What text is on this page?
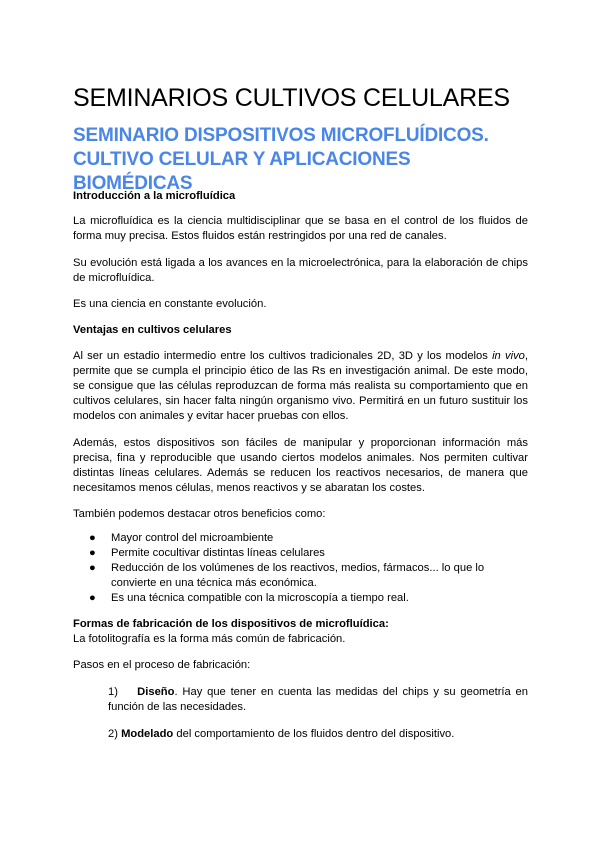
SEMINARIOS CULTIVOS CELULARES
SEMINARIO DISPOSITIVOS MICROFLUÍDICOS. CULTIVO CELULAR Y APLICACIONES BIOMÉDICAS

Introducción a la microfluídica

La microfluídica es la ciencia multidisciplinar que se basa en el control de los fluidos de forma muy precisa. Estos fluidos están restringidos por una red de canales.

Su evolución está ligada a los avances en la microelectrónica, para la elaboración de chips de microfluídica.

Es una ciencia en constante evolución.

Ventajas en cultivos celulares

Al ser un estadio intermedio entre los cultivos tradicionales 2D, 3D y los modelos in vivo, permite que se cumpla el principio ético de las Rs en investigación animal. De este modo, se consigue que las células reproduzcan de forma más realista su comportamiento que en cultivos celulares, sin hacer falta ningún organismo vivo. Permitirá en un futuro sustituir los modelos con animales y evitar hacer pruebas con ellos.

Además, estos dispositivos son fáciles de manipular y proporcionan información más precisa, fina y reproducible que usando ciertos modelos animales. Nos permiten cultivar distintas líneas celulares. Además se reducen los reactivos necesarios, de manera que necesitamos menos células, menos reactivos y se abaratan los costes.

También podemos destacar otros beneficios como:

● Mayor control del microambiente
● Permite cocultivar distintas líneas celulares
● Reducción de los volúmenes de los reactivos, medios, fármacos... lo que lo convierte en una técnica más económica.
● Es una técnica compatible con la microscopía a tiempo real.

Formas de fabricación de los dispositivos de microfluídica:

La fotolitografía es la forma más común de fabricación.

Pasos en el proceso de fabricación:

1) Diseño. Hay que tener en cuenta las medidas del chips y su geometría en función de las necesidades.
2) Modelado del comportamiento de los fluidos dentro del dispositivo.
